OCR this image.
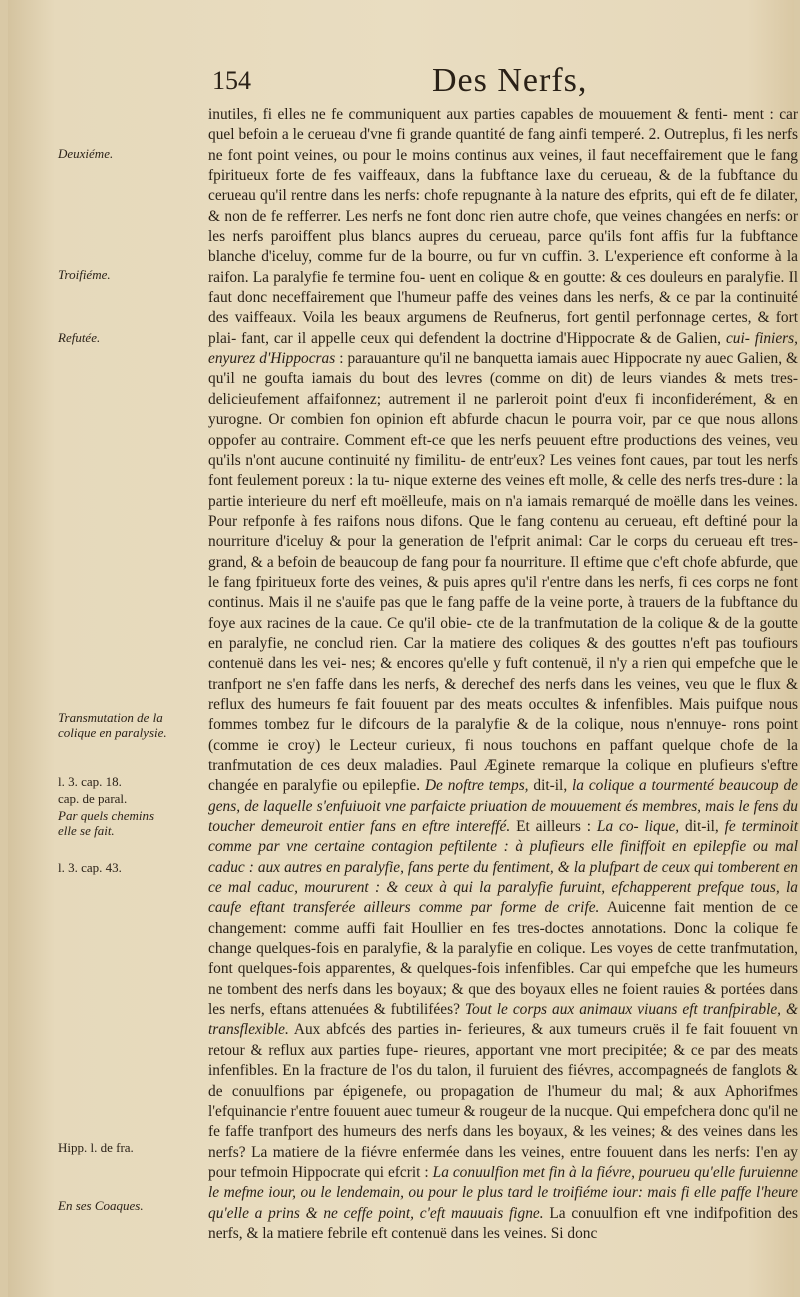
154	Des Nerfs,
Deuxiéme.
Troifiéme.
Refutée.
Transmutation de la colique en paralysie.
l. 3. cap. 18.
cap. de paral.
Par quels chemins elle se fait.
l. 3. cap. 43.
Hipp. l. de fra.
En ses Coaques.
inutiles, fi elles ne fe communiquent aux parties capables de mouuement & fenti- ment : car quel befoin a le cerueau d'vne fi grande quantité de fang ainfi temperé. 2. Outreplus, fi les nerfs ne font point veines, ou pour le moins continus aux veines, il faut neceffairement que le fang fpiritueux forte de fes vaiffeaux, dans la fubftance laxe du cerueau, & de la fubftance du cerueau qu'il rentre dans les nerfs: chofe repugnante à la nature des efprits, qui eft de fe dilater, & non de fe refferrer. Les nerfs ne font donc rien autre chofe, que veines changées en nerfs: or les nerfs paroiffent plus blancs aupres du cerueau, parce qu'ils font affis fur la fubftance blanche d'iceluy, comme fur de la bourre, ou fur vn cuffin. 3. L'experience eft conforme à la raifon. La paralyfie fe termine fou- uent en colique & en goutte: & ces douleurs en paralyfie. Il faut donc neceffairement que l'humeur paffe des veines dans les nerfs, & ce par la continuité des vaiffeaux. Voila les beaux argumens de Reufnerus, fort gentil perfonnage certes, & fort plai- fant, car il appelle ceux qui defendent la doctrine d'Hippocrate & de Galien, cui- finiers, enyurez d'Hippocras : parauanture qu'il ne banquetta iamais auec Hippocrate ny auec Galien, & qu'il ne goufta iamais du bout des levres (comme on dit) de leurs viandes & mets tres-delicieufement affaifonnez; autrement il ne parleroit point d'eux fi inconfiderément, & en yurogne. Or combien fon opinion eft abfurde chacun le pourra voir, par ce que nous allons oppofer au contraire. Comment eft-ce que les nerfs peuuent eftre productions des veines, veu qu'ils n'ont aucune continuité ny fimilitu- de entr'eux? Les veines font caues, par tout les nerfs font feulement poreux : la tu- nique externe des veines eft molle, & celle des nerfs tres-dure : la partie interieure du nerf eft moëlleufe, mais on n'a iamais remarqué de moëlle dans les veines. Pour refponfe à fes raifons nous difons. Que le fang contenu au cerueau, eft deftiné pour la nourriture d'iceluy & pour la generation de l'efprit animal: Car le corps du cerueau eft tres-grand, & a befoin de beaucoup de fang pour fa nourriture. Il eftime que c'eft chofe abfurde, que le fang fpiritueux forte des veines, & puis apres qu'il r'entre dans les nerfs, fi ces corps ne font continus. Mais il ne s'auife pas que le fang paffe de la veine porte, à trauers de la fubftance du foye aux racines de la caue. Ce qu'il obie- cte de la tranfmutation de la colique & de la goutte en paralyfie, ne conclud rien. Car la matiere des coliques & des gouttes n'eft pas toufiours contenuë dans les vei- nes; & encores qu'elle y fuft contenuë, il n'y a rien qui empefche que le tranfport ne s'en faffe dans les nerfs, & derechef des nerfs dans les veines, veu que le flux & reflux des humeurs fe fait fouuent par des meats occultes & infenfibles. Mais puifque nous fommes tombez fur le difcours de la paralyfie & de la colique, nous n'ennuye- rons point (comme ie croy) le Lecteur curieux, fi nous touchons en paffant quelque chofe de la tranfmutation de ces deux maladies. Paul Æginete remarque la colique en plufieurs s'eftre changée en paralyfie ou epilepfie. De noftre temps, dit-il, la colique a tourmenté beaucoup de gens, de laquelle s'enfuiuoit vne parfaicte priuation de mouuement és membres, mais le fens du toucher demeuroit entier fans en eftre intereffé. Et ailleurs : La co- lique, dit-il, fe terminoit comme par vne certaine contagion peftilente : à plufieurs elle finiffoit en epilepfie ou mal caduc : aux autres en paralyfie, fans perte du fentiment, & la plufpart de ceux qui tomberent en ce mal caduc, moururent : & ceux à qui la paralyfie furuint, efchapperent prefque tous, la caufe eftant transferée ailleurs comme par forme de crife. Auicenne fait mention de ce changement: comme auffi fait Houllier en fes tres-doctes annotations. Donc la colique fe change quelques-fois en paralyfie, & la paralyfie en colique. Les voyes de cette tranfmutation, font quelques-fois apparentes, & quelques-fois infenfibles. Car qui empefche que les humeurs ne tombent des nerfs dans les boyaux; & que des boyaux elles ne foient rauies & portées dans les nerfs, eftans attenuées & fubtilifées? Tout le corps aux animaux viuans eft tranfpirable, & transflexible. Aux abfcés des parties in- ferieures, & aux tumeurs cruës il fe fait fouuent vn retour & reflux aux parties fupe- rieures, apportant vne mort precipitée; & ce par des meats infenfibles. En la fracture de l'os du talon, il furuient des fiévres, accompagneés de fanglots & de conuulfions par épigenefe, ou propagation de l'humeur du mal; & aux Aphorifmes l'efquinancie r'entre fouuent auec tumeur & rougeur de la nucque. Qui empefchera donc qu'il ne fe faffe tranfport des humeurs des nerfs dans les boyaux, & les veines; & des veines dans les nerfs? La matiere de la fiévre enfermée dans les veines, entre fouuent dans les nerfs: I'en ay pour tefmoin Hippocrate qui efcrit : La conuulfion met fin à la fiévre, pourueu qu'elle furuienne le mefme iour, ou le lendemain, ou pour le plus tard le troifiéme iour: mais fi elle paffe l'heure qu'elle a prins & ne ceffe point, c'eft mauuais figne. La conuulfion eft vne indifpofition des nerfs, & la matiere febrile eft contenuë dans les veines. Si donc
